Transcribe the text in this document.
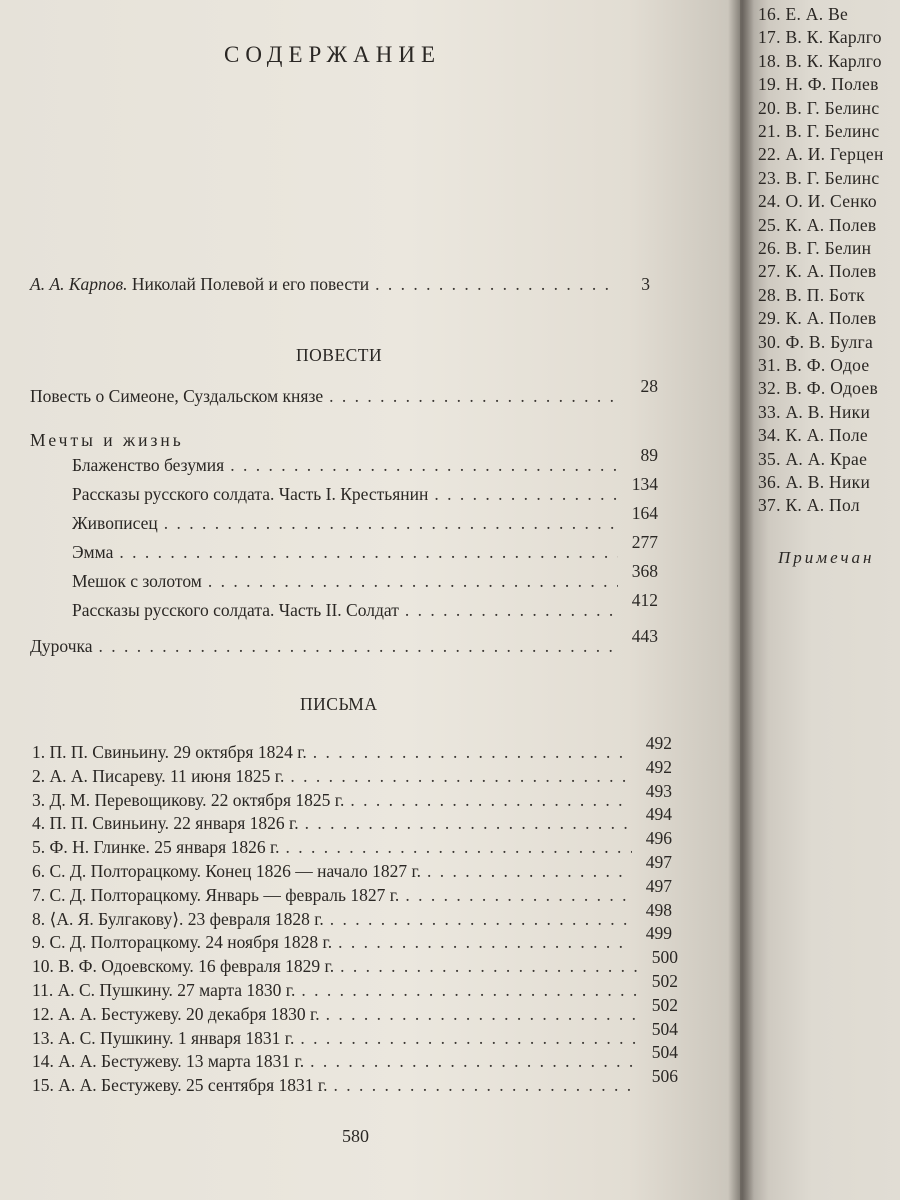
СОДЕРЖАНИЕ
А. А. Карпов.
Николай Полевой и его повести . . .	3
ПОВЕСТИ
Повесть о Симеоне, Суздальском князе . . .	28
Мечты и жизнь
Блаженство безумия . . .	89
Рассказы русского солдата. Часть I. Крестьянин . . .	134
Живописец . . .	164
Эмма . . .	277
Мешок с золотом . . .	368
Рассказы русского солдата. Часть II. Солдат . . .	412
Дурочка . . .	443
ПИСЬМА
1. П. П. Свиньину. 29 октября 1824 г. . . .	492
2. А. А. Писареву. 11 июня 1825 г. . . .	492
3. Д. М. Перевощикову. 22 октября 1825 г. . . .	493
4. П. П. Свиньину. 22 января 1826 г. . . .	494
5. Ф. Н. Глинке. 25 января 1826 г. . . .	496
6. С. Д. Полторацкому. Конец 1826 — начало 1827 г. . . .	497
7. С. Д. Полторацкому. Январь — февраль 1827 г. . . .	497
8. ⟨А. Я. Булгакову⟩. 23 февраля 1828 г. . . .	498
9. С. Д. Полторацкому. 24 ноября 1828 г. . . .	499
10. В. Ф. Одоевскому. 16 февраля 1829 г. . . .	500
11. А. С. Пушкину. 27 марта 1830 г. . . .	502
12. А. А. Бестужеву. 20 декабря 1830 г. . . .	502
13. А. С. Пушкину. 1 января 1831 г. . . .	504
14. А. А. Бестужеву. 13 марта 1831 г. . . .	504
15. А. А. Бестужеву. 25 сентября 1831 г. . . .	506
580
16. Е. А. Ве
17. В. К. Карлго
18. В. К. Карлго
19. Н. Ф. Полев
20. В. Г. Белинс
21. В. Г. Белинс
22. А. И. Герцен
23. В. Г. Белинс
24. О. И. Сенко
25. К. А. Полев
26. В. Г. Белин
27. К. А. Полев
28. В. П. Ботк
29. К. А. Полев
30. Ф. В. Булга
31. В. Ф. Одое
32. В. Ф. Одоев
33. А. В. Ники
34. К. А. Поле
35. А. А. Крае
36. А. В. Ники
37. К. А. Пол
Примечан
